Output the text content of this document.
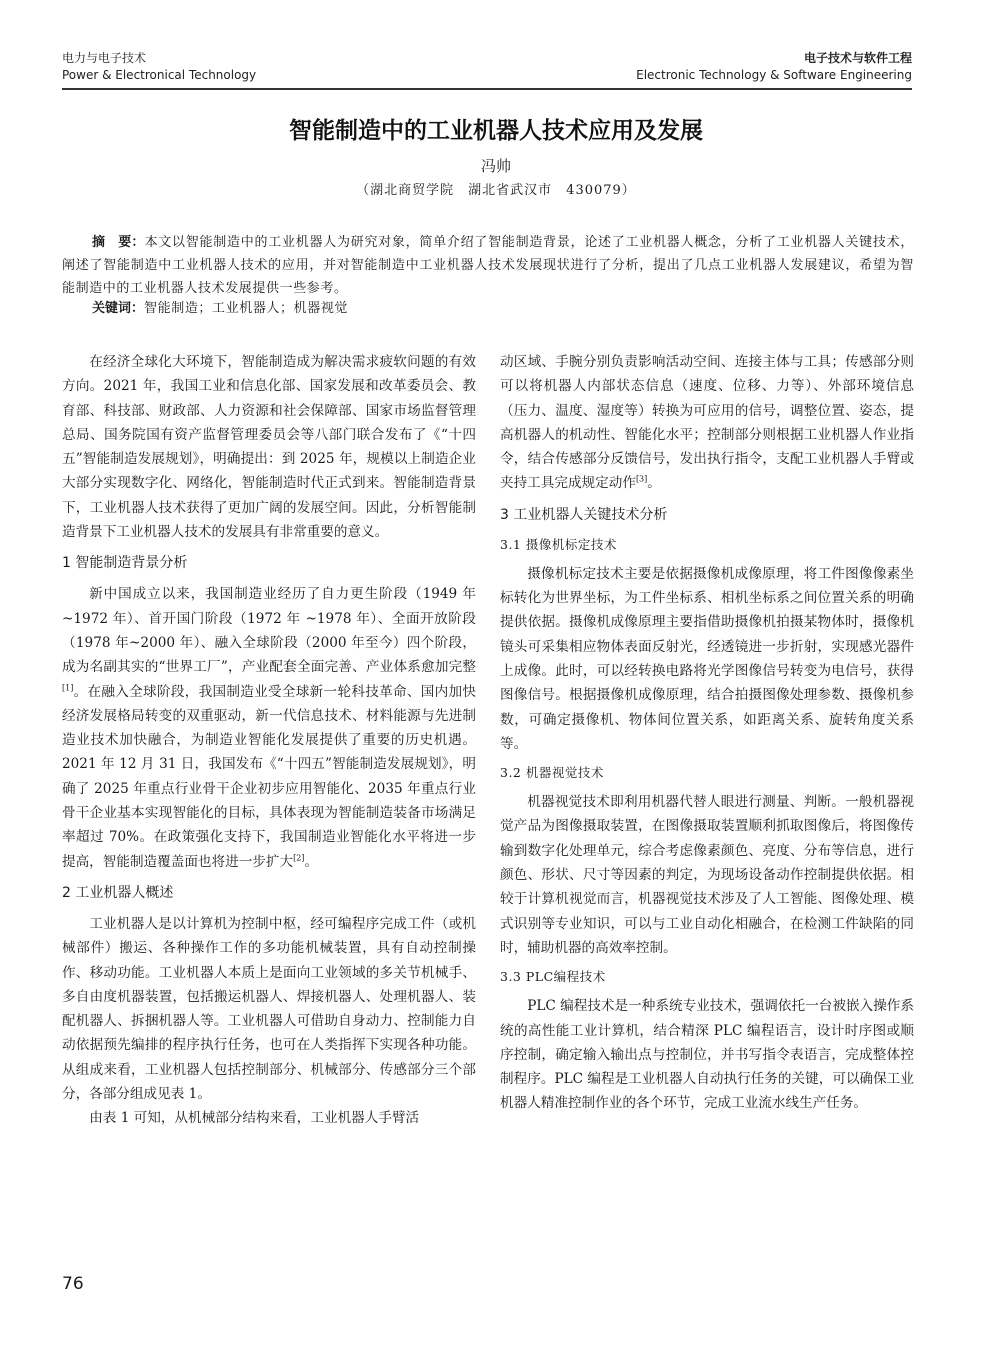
电力与电子技术
Power & Electronical Technology
电子技术与软件工程
Electronic Technology & Software Engineering
智能制造中的工业机器人技术应用及发展
冯帅
（湖北商贸学院　湖北省武汉市　430079）
摘　要：本文以智能制造中的工业机器人为研究对象，简单介绍了智能制造背景，论述了工业机器人概念，分析了工业机器人关键技术，阐述了智能制造中工业机器人技术的应用，并对智能制造中工业机器人技术发展现状进行了分析，提出了几点工业机器人发展建议，希望为智能制造中的工业机器人技术发展提供一些参考。
关键词：智能制造；工业机器人；机器视觉

在经济全球化大环境下，智能制造成为解决需求疲软问题的有效方向。2021 年，我国工业和信息化部、国家发展和改革委员会、教育部、科技部、财政部、人力资源和社会保障部、国家市场监督管理总局、国务院国有资产监督管理委员会等八部门联合发布了《“十四五”智能制造发展规划》，明确提出：到 2025 年，规模以上制造企业大部分实现数字化、网络化，智能制造时代正式到来。智能制造背景下，工业机器人技术获得了更加广阔的发展空间。因此，分析智能制造背景下工业机器人技术的发展具有非常重要的意义。

1 智能制造背景分析

新中国成立以来，我国制造业经历了自力更生阶段（1949 年 ~1972 年）、首开国门阶段（1972 年 ~1978 年）、全面开放阶段（1978 年~2000 年）、融入全球阶段（2000 年至今）四个阶段，成为名副其实的“世界工厂”，产业配套全面完善、产业体系愈加完整[1]。在融入全球阶段，我国制造业受全球新一轮科技革命、国内加快经济发展格局转变的双重驱动，新一代信息技术、材料能源与先进制造业技术加快融合，为制造业智能化发展提供了重要的历史机遇。2021 年 12 月 31 日，我国发布《“十四五”智能制造发展规划》，明确了 2025 年重点行业骨干企业初步应用智能化、2035 年重点行业骨干企业基本实现智能化的目标，具体表现为智能制造装备市场满足率超过 70%。在政策强化支持下，我国制造业智能化水平将进一步提高，智能制造覆盖面也将进一步扩大[2]。

2 工业机器人概述

工业机器人是以计算机为控制中枢，经可编程序完成工件（或机械部件）搬运、各种操作工作的多功能机械装置，具有自动控制操作、移动功能。工业机器人本质上是面向工业领域的多关节机械手、多自由度机器装置，包括搬运机器人、焊接机器人、处理机器人、装配机器人、拆捆机器人等。工业机器人可借助自身动力、控制能力自动依据预先编排的程序执行任务，也可在人类指挥下实现各种功能。从组成来看，工业机器人包括控制部分、机械部分、传感部分三个部分，各部分组成见表 1。

由表 1 可知，从机械部分结构来看，工业机器人手臂活

动区域、手腕分别负责影响活动空间、连接主体与工具；传感部分则可以将机器人内部状态信息（速度、位移、力等）、外部环境信息（压力、温度、湿度等）转换为可应用的信号，调整位置、姿态，提高机器人的机动性、智能化水平；控制部分则根据工业机器人作业指令，结合传感部分反馈信号，发出执行指令，支配工业机器人手臂或夹持工具完成规定动作[3]。

3 工业机器人关键技术分析
3.1 摄像机标定技术

摄像机标定技术主要是依据摄像机成像原理，将工件图像像素坐标转化为世界坐标，为工件坐标系、相机坐标系之间位置关系的明确提供依据。摄像机成像原理主要指借助摄像机拍摄某物体时，摄像机镜头可采集相应物体表面反射光，经透镜进一步折射，实现感光器件上成像。此时，可以经转换电路将光学图像信号转变为电信号，获得图像信号。根据摄像机成像原理，结合拍摄图像处理参数、摄像机参数，可确定摄像机、物体间位置关系，如距离关系、旋转角度关系等。

3.2 机器视觉技术

机器视觉技术即利用机器代替人眼进行测量、判断。一般机器视觉产品为图像摄取装置，在图像摄取装置顺利抓取图像后，将图像传输到数字化处理单元，综合考虑像素颜色、亮度、分布等信息，进行颜色、形状、尺寸等因素的判定，为现场设备动作控制提供依据。相较于计算机视觉而言，机器视觉技术涉及了人工智能、图像处理、模式识别等专业知识，可以与工业自动化相融合，在检测工件缺陷的同时，辅助机器的高效率控制。

3.3 PLC编程技术

PLC 编程技术是一种系统专业技术，强调依托一台被嵌入操作系统的高性能工业计算机，结合精深 PLC 编程语言，设计时序图或顺序控制，确定输入输出点与控制位，并书写指令表语言，完成整体控制程序。PLC 编程是工业机器人自动执行任务的关键，可以确保工业机器人精准控制作业的各个环节，完成工业流水线生产任务。

76
